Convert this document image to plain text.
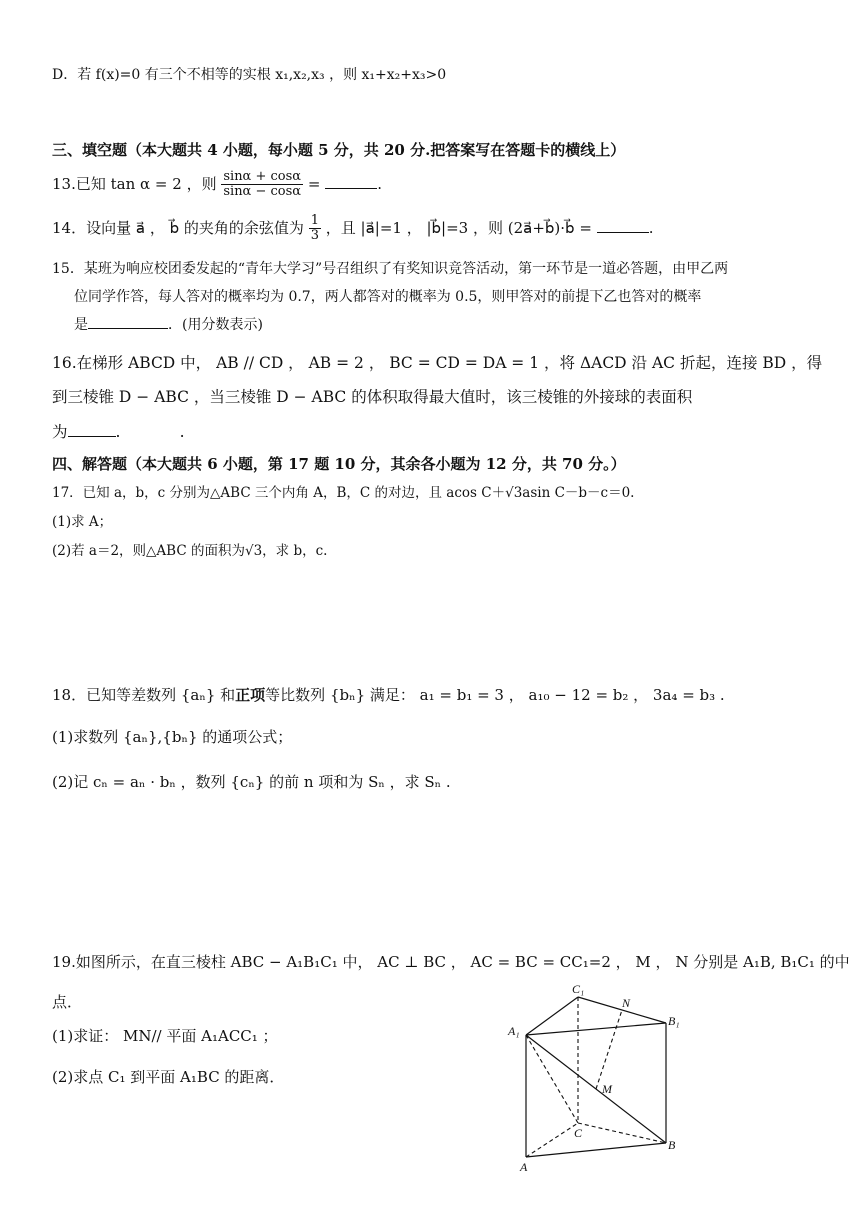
D．若 f(x)=0 有三个不相等的实根 x₁,x₂,x₃ ，则 x₁+x₂+x₃>0
三、填空题（本大题共 4 小题，每小题 5 分，共 20 分.把答案写在答题卡的横线上）
13.已知 tan α = 2 ，则 $\frac{\sin\alpha + \cos\alpha}{\sin\alpha - \cos\alpha}$ =	.
14．设向量 a⃗ ， b⃗ 的夹角的余弦值为 $\frac{1}{3}$ ，且 |a⃗|=1 ， |b⃗|=3 ，则 (2a⃗+b⃗)·b⃗ =	.
15．某班为响应校团委发起的“青年大学习”号召组织了有奖知识竞答活动，第一环节是一道必答题，由甲乙两
位同学作答，每人答对的概率均为 0.7，两人都答对的概率为 0.5，则甲答对的前提下乙也答对的概率
是	．(用分数表示)
16.在梯形 ABCD 中， AB // CD ， AB = 2 ， BC = CD = DA = 1 ，将 ΔACD 沿 AC 折起，连接 BD ，得
到三棱锥 D − ABC ，当三棱锥 D − ABC 的体积取得最大值时，该三棱锥的外接球的表面积
为	.            .
四、解答题（本大题共 6 小题，第 17 题 10 分，其余各小题为 12 分，共 70 分。）
17．已知 a，b，c 分别为△ABC 三个内角 A，B，C 的对边，且 acos C＋√3asin C－b－c＝0.
(1)求 A；
(2)若 a＝2，则△ABC 的面积为√3，求 b，c.
18．已知等差数列 {aₙ} 和正项等比数列 {bₙ} 满足： a₁ = b₁ = 3 ， a₁₀ − 12 = b₂ ， 3a₄ = b₃ .
(1)求数列 {aₙ},{bₙ} 的通项公式；
(2)记 cₙ = aₙ · bₙ ，数列 {cₙ} 的前 n 项和为 Sₙ ，求 Sₙ .
19.如图所示，在直三棱柱 ABC − A₁B₁C₁ 中， AC ⊥ BC ， AC = BC = CC₁=2 ， M ， N 分别是 A₁B, B₁C₁ 的中
点．
(1)求证： MN// 平面 A₁ACC₁ ；
(2)求点 C₁ 到平面 A₁BC 的距离．
C₁
N
B₁
A₁
M
C
B
A
